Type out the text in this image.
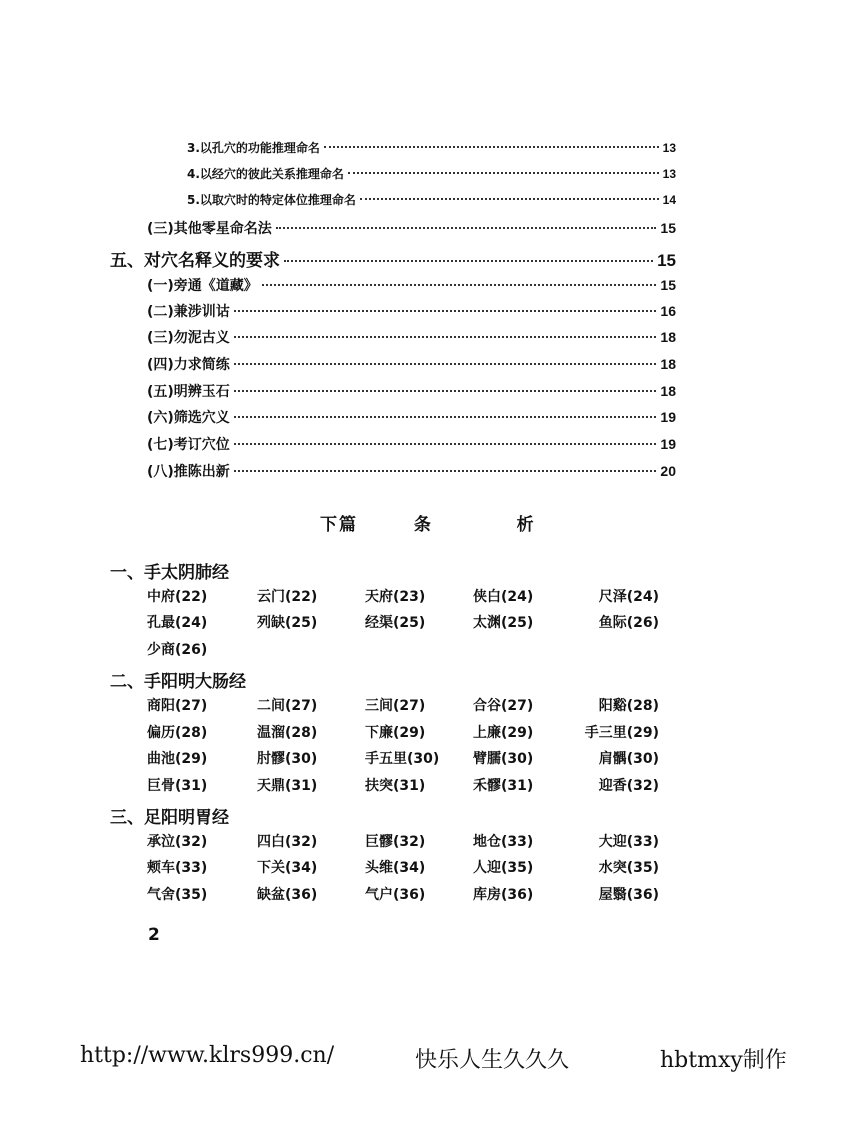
3.以孔穴的功能推理命名	13
4.以经穴的彼此关系推理命名	13
5.以取穴时的特定体位推理命名	14
(三)其他零星命名法	15
五、对穴名释义的要求	15
(一)旁通《道藏》	15
(二)兼涉训诂	16
(三)勿泥古义	18
(四)力求简练	18
(五)明辨玉石	18
(六)筛选穴义	19
(七)考订穴位	19
(八)推陈出新	20
下篇  条   析
一、手太阴肺经
中府(22)	云门(22)	天府(23)	侠白(24)	尺泽(24)
孔最(24)	列缺(25)	经渠(25)	太渊(25)	鱼际(26)
少商(26)
二、手阳明大肠经
商阳(27)	二间(27)	三间(27)	合谷(27)	阳谿(28)
偏历(28)	温溜(28)	下廉(29)	上廉(29)	手三里(29)
曲池(29)	肘髎(30)	手五里(30) 臂臑(30)	肩髃(30)
巨骨(31)	天鼎(31)	扶突(31)	禾髎(31)	迎香(32)
三、足阳明胃经
承泣(32)	四白(32)	巨髎(32)	地仓(33)	大迎(33)
颊车(33)	下关(34)	头维(34)	人迎(35)	水突(35)
气舍(35)	缺盆(36)	气户(36)	库房(36)	屋翳(36)
2
http://www.klrs999.cn/	快乐人生久久久	hbtmxy制作
